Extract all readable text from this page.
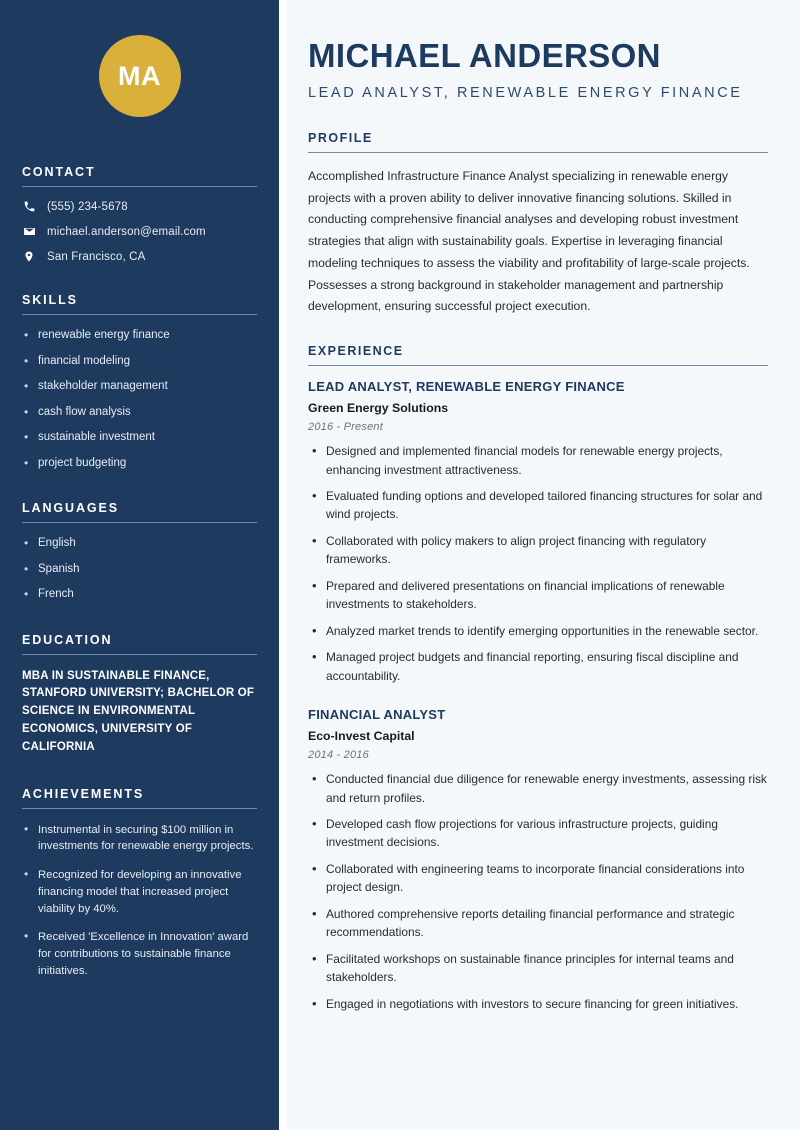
MA
CONTACT
(555) 234-5678
michael.anderson@email.com
San Francisco, CA
SKILLS
• renewable energy finance
• financial modeling
• stakeholder management
• cash flow analysis
• sustainable investment
• project budgeting
LANGUAGES
• English
• Spanish
• French
EDUCATION
MBA IN SUSTAINABLE FINANCE, STANFORD UNIVERSITY; BACHELOR OF SCIENCE IN ENVIRONMENTAL ECONOMICS, UNIVERSITY OF CALIFORNIA
ACHIEVEMENTS
• Instrumental in securing $100 million in investments for renewable energy projects.
• Recognized for developing an innovative financing model that increased project viability by 40%.
• Received 'Excellence in Innovation' award for contributions to sustainable finance initiatives.
MICHAEL ANDERSON
LEAD ANALYST, RENEWABLE ENERGY FINANCE
PROFILE

Accomplished Infrastructure Finance Analyst specializing in renewable energy projects with a proven ability to deliver innovative financing solutions. Skilled in conducting comprehensive financial analyses and developing robust investment strategies that align with sustainability goals. Expertise in leveraging financial modeling techniques to assess the viability and profitability of large-scale projects. Possesses a strong background in stakeholder management and partnership development, ensuring successful project execution.

EXPERIENCE
LEAD ANALYST, RENEWABLE ENERGY FINANCE
Green Energy Solutions
2016 - Present
• Designed and implemented financial models for renewable energy projects, enhancing investment attractiveness.
• Evaluated funding options and developed tailored financing structures for solar and wind projects.
• Collaborated with policy makers to align project financing with regulatory frameworks.
• Prepared and delivered presentations on financial implications of renewable investments to stakeholders.
• Analyzed market trends to identify emerging opportunities in the renewable sector.
• Managed project budgets and financial reporting, ensuring fiscal discipline and accountability.
FINANCIAL ANALYST
Eco-Invest Capital
2014 - 2016
• Conducted financial due diligence for renewable energy investments, assessing risk and return profiles.
• Developed cash flow projections for various infrastructure projects, guiding investment decisions.
• Collaborated with engineering teams to incorporate financial considerations into project design.
• Authored comprehensive reports detailing financial performance and strategic recommendations.
• Facilitated workshops on sustainable finance principles for internal teams and stakeholders.
• Engaged in negotiations with investors to secure financing for green initiatives.
